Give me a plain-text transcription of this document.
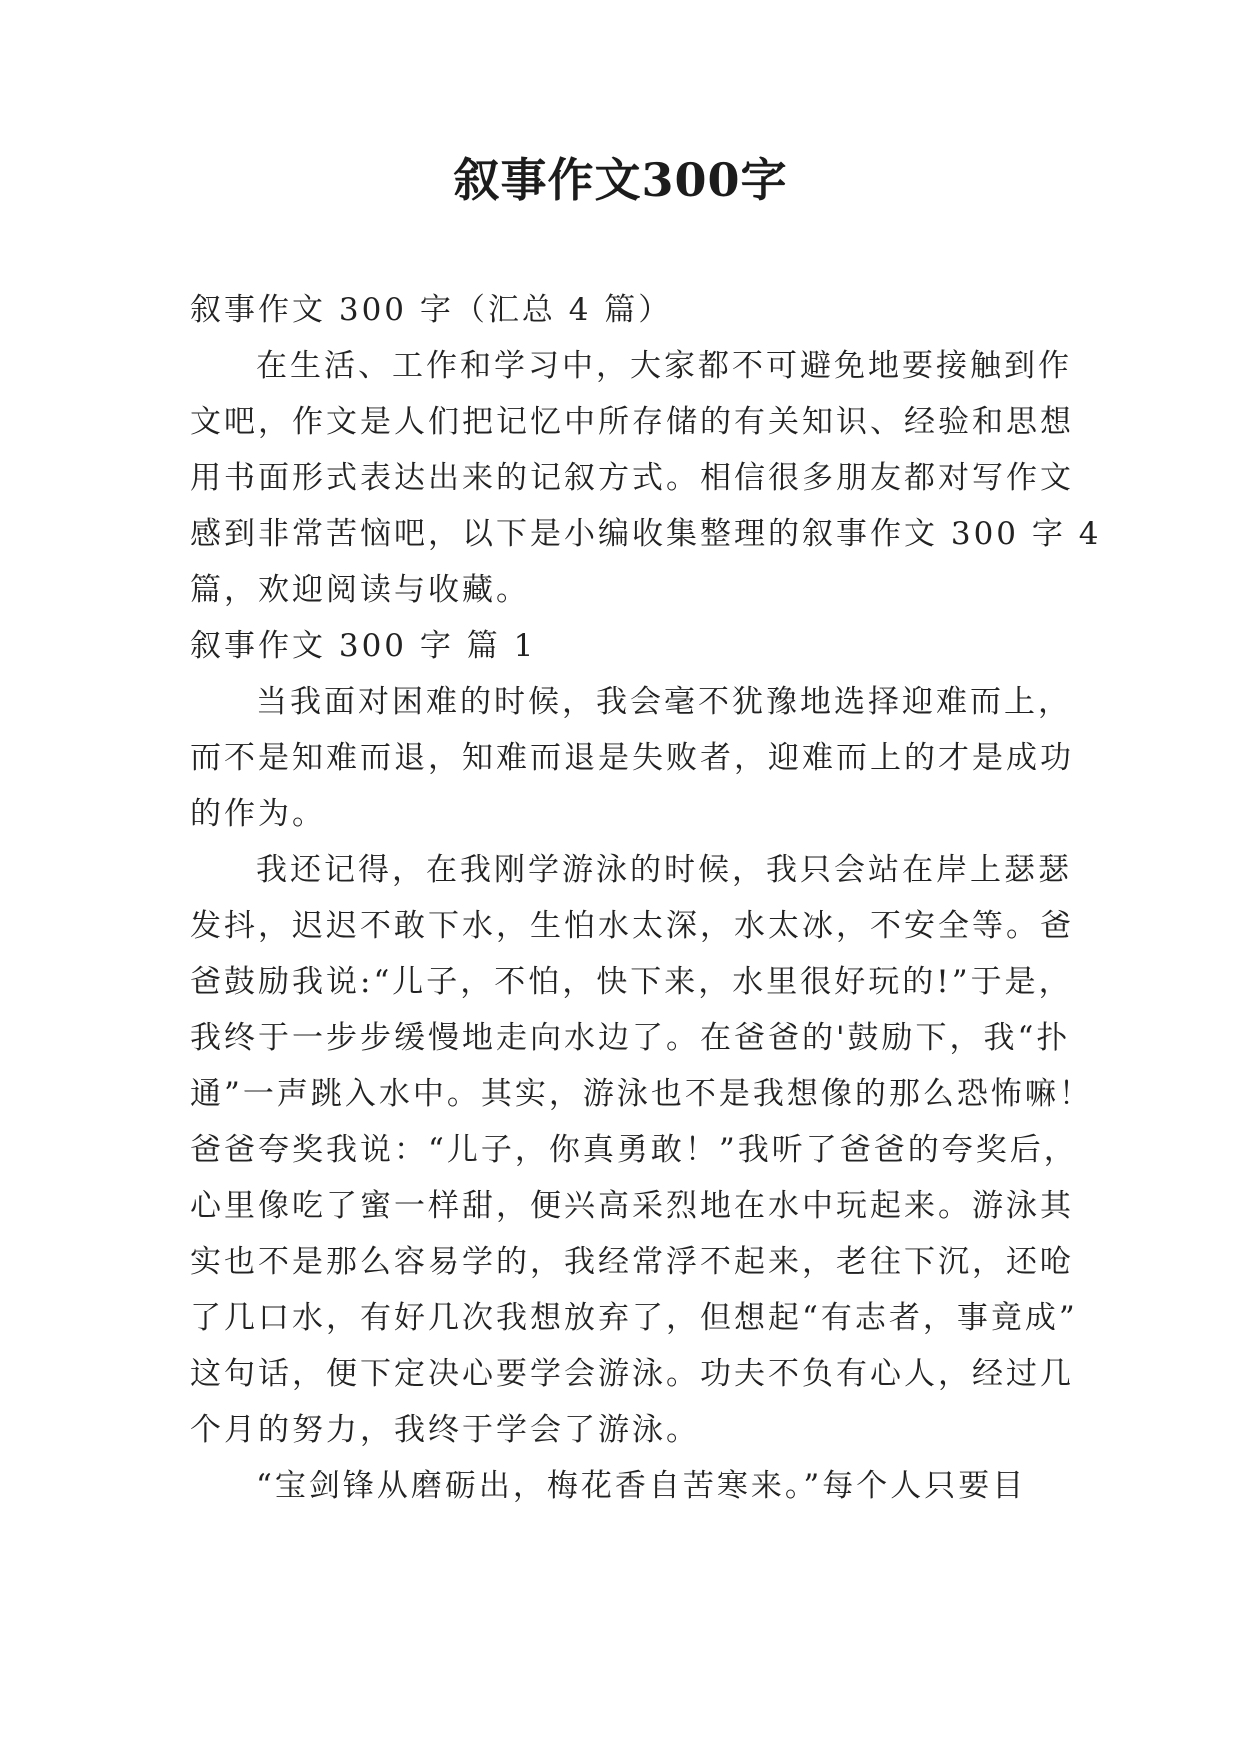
叙事作文300字

叙事作文 300 字（汇总 4 篇）

在生活、工作和学习中，大家都不可避免地要接触到作

文吧，作文是人们把记忆中所存储的有关知识、经验和思想

用书面形式表达出来的记叙方式。相信很多朋友都对写作文

感到非常苦恼吧，以下是小编收集整理的叙事作文 300 字 4

篇，欢迎阅读与收藏。

叙事作文 300 字 篇 1

当我面对困难的时候，我会毫不犹豫地选择迎难而上，

而不是知难而退，知难而退是失败者，迎难而上的才是成功

的作为。

我还记得，在我刚学游泳的时候，我只会站在岸上瑟瑟

发抖，迟迟不敢下水，生怕水太深，水太冰，不安全等。爸

爸鼓励我说:“儿子，不怕，快下来，水里很好玩的!”于是，

我终于一步步缓慢地走向水边了。在爸爸的'鼓励下，我“扑

通”一声跳入水中。其实，游泳也不是我想像的那么恐怖嘛！

爸爸夸奖我说：“儿子，你真勇敢！”我听了爸爸的夸奖后，

心里像吃了蜜一样甜，便兴高采烈地在水中玩起来。游泳其

实也不是那么容易学的，我经常浮不起来，老往下沉，还呛

了几口水，有好几次我想放弃了，但想起“有志者，事竟成”

这句话，便下定决心要学会游泳。功夫不负有心人，经过几

个月的努力，我终于学会了游泳。

“宝剑锋从磨砺出，梅花香自苦寒来。”每个人只要目
